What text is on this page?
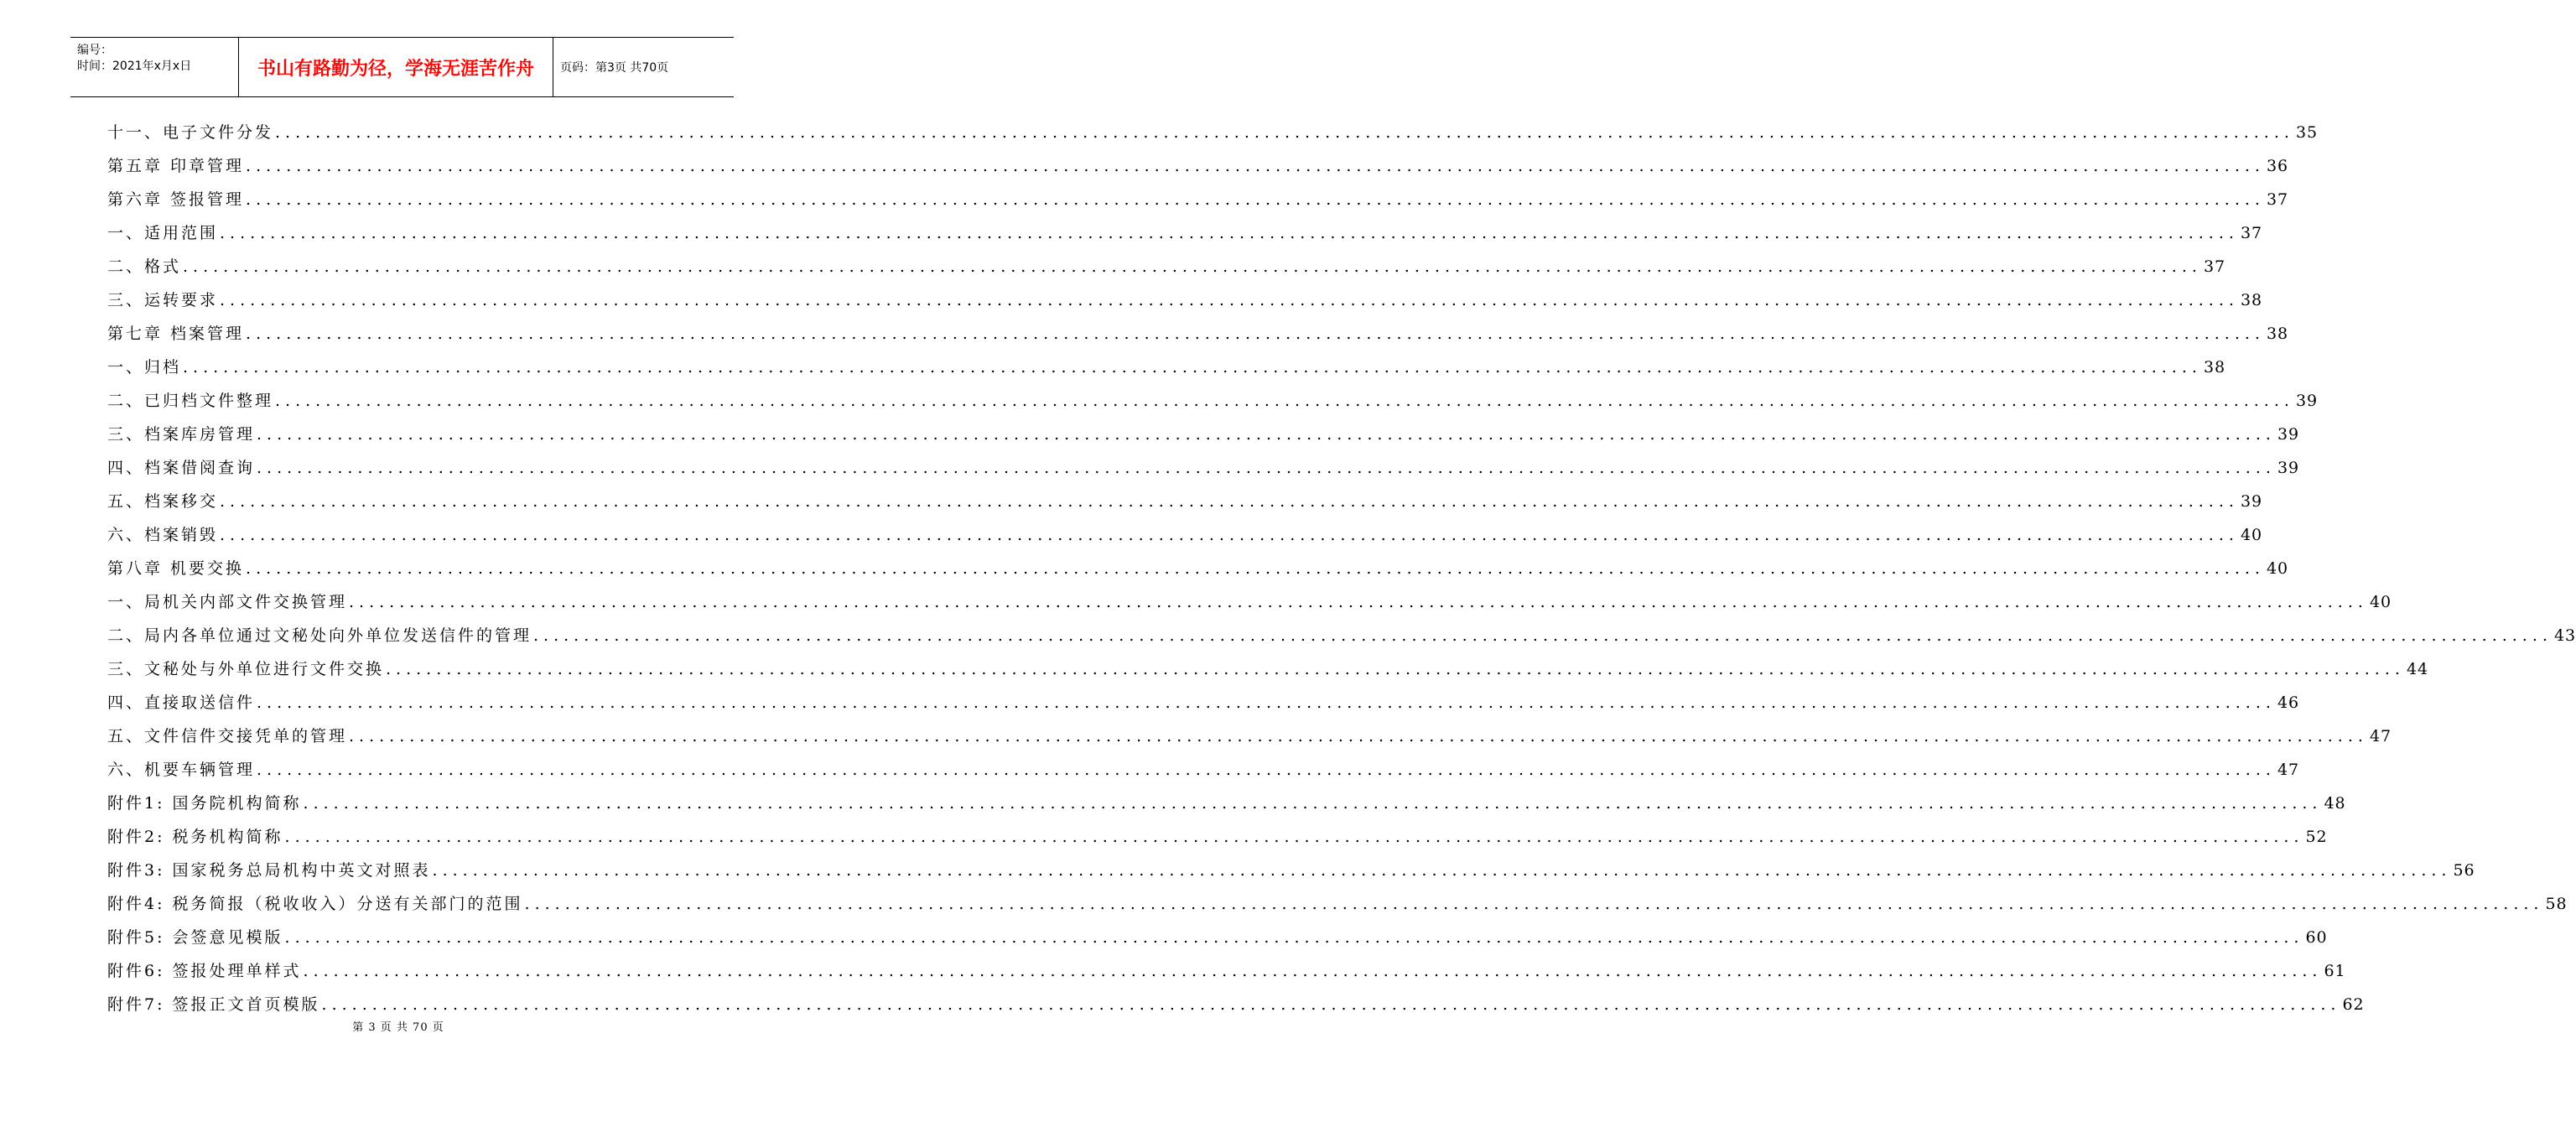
编号：
时间：2021年x月x日	书山有路勤为径，学海无涯苦作舟	页码：第3页 共70页
十一、电子文件分发 ........................................................................................................................................................................................................ 35
第五章 印章管理 ........................................................................................................................................................................................................ 36
第六章 签报管理 ........................................................................................................................................................................................................ 37
一、适用范围 ........................................................................................................................................................................................................ 37
二、格式 ........................................................................................................................................................................................................ 37
三、运转要求 ........................................................................................................................................................................................................ 38
第七章 档案管理 ........................................................................................................................................................................................................ 38
一、归档 ........................................................................................................................................................................................................ 38
二、已归档文件整理 ........................................................................................................................................................................................................ 39
三、档案库房管理 ........................................................................................................................................................................................................ 39
四、档案借阅查询 ........................................................................................................................................................................................................ 39
五、档案移交 ........................................................................................................................................................................................................ 39
六、档案销毁 ........................................................................................................................................................................................................ 40
第八章 机要交换 ........................................................................................................................................................................................................ 40
一、局机关内部文件交换管理 ........................................................................................................................................................................................................ 40
二、局内各单位通过文秘处向外单位发送信件的管理 ........................................................................................................................................................................................................ 43
三、文秘处与外单位进行文件交换 ........................................................................................................................................................................................................ 44
四、直接取送信件 ........................................................................................................................................................................................................ 46
五、文件信件交接凭单的管理 ........................................................................................................................................................................................................ 47
六、机要车辆管理 ........................................................................................................................................................................................................ 47
附件1: 国务院机构简称 ........................................................................................................................................................................................................ 48
附件2: 税务机构简称 ........................................................................................................................................................................................................ 52
附件3: 国家税务总局机构中英文对照表 ........................................................................................................................................................................................................ 56
附件4: 税务简报（税收收入）分送有关部门的范围 ........................................................................................................................................................................................................ 58
附件5: 会签意见模版 ........................................................................................................................................................................................................ 60
附件6: 签报处理单样式 ........................................................................................................................................................................................................ 61
附件7: 签报正文首页模版 ........................................................................................................................................................................................................ 62
第 3 页 共 70 页
